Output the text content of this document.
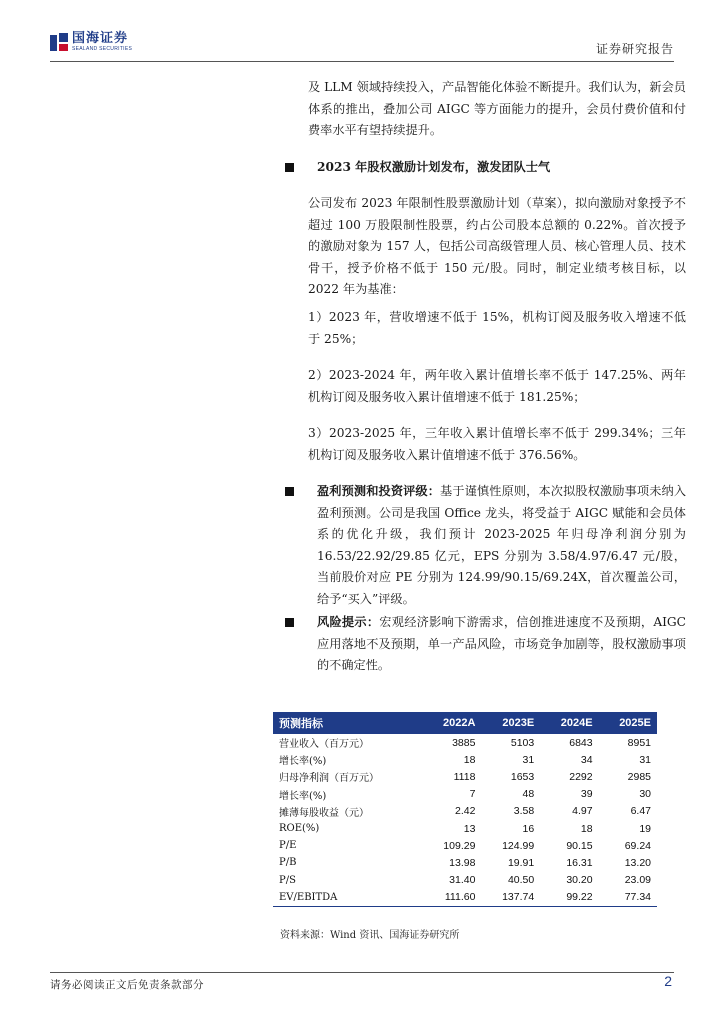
国海证券
SEALAND SECURITIES	证券研究报告

及 LLM 领域持续投入，产品智能化体验不断提升。我们认为，新会员体系的推出，叠加公司 AIGC 等方面能力的提升，会员付费价值和付费率水平有望持续提升。

2023 年股权激励计划发布，激发团队士气

公司发布 2023 年限制性股票激励计划（草案），拟向激励对象授予不超过 100 万股限制性股票，约占公司股本总额的 0.22%。首次授予的激励对象为 157 人，包括公司高级管理人员、核心管理人员、技术骨干，授予价格不低于 150 元/股。同时，制定业绩考核目标，以 2022 年为基准：

1）2023 年，营收增速不低于 15%，机构订阅及服务收入增速不低于 25%；

2）2023-2024 年，两年收入累计值增长率不低于 147.25%、两年机构订阅及服务收入累计值增速不低于 181.25%；

3）2023-2025 年，三年收入累计值增长率不低于 299.34%；三年机构订阅及服务收入累计值增速不低于 376.56%。

盈利预测和投资评级：基于谨慎性原则，本次拟股权激励事项未纳入盈利预测。公司是我国 Office 龙头，将受益于 AIGC 赋能和会员体系的优化升级，我们预计 2023-2025 年归母净利润分别为16.53/22.92/29.85 亿元，EPS 分别为 3.58/4.97/6.47 元/股，当前股价对应 PE 分别为 124.99/90.15/69.24X，首次覆盖公司，给予“买入”评级。

风险提示：宏观经济影响下游需求，信创推进速度不及预期，AIGC 应用落地不及预期，单一产品风险，市场竞争加剧等，股权激励事项的不确定性。

预测指标	2022A	2023E	2024E	2025E
营业收入（百万元）	3885	5103	6843	8951
增长率(%)	18	31	34	31
归母净利润（百万元）	1118	1653	2292	2985
增长率(%)	7	48	39	30
摊薄每股收益（元）	2.42	3.58	4.97	6.47
ROE(%)	13	16	18	19
P/E	109.29	124.99	90.15	69.24
P/B	13.98	19.91	16.31	13.20
P/S	31.40	40.50	30.20	23.09
EV/EBITDA	111.60	137.74	99.22	77.34
资料来源：Wind 资讯、国海证券研究所
请务必阅读正文后免责条款部分	2
